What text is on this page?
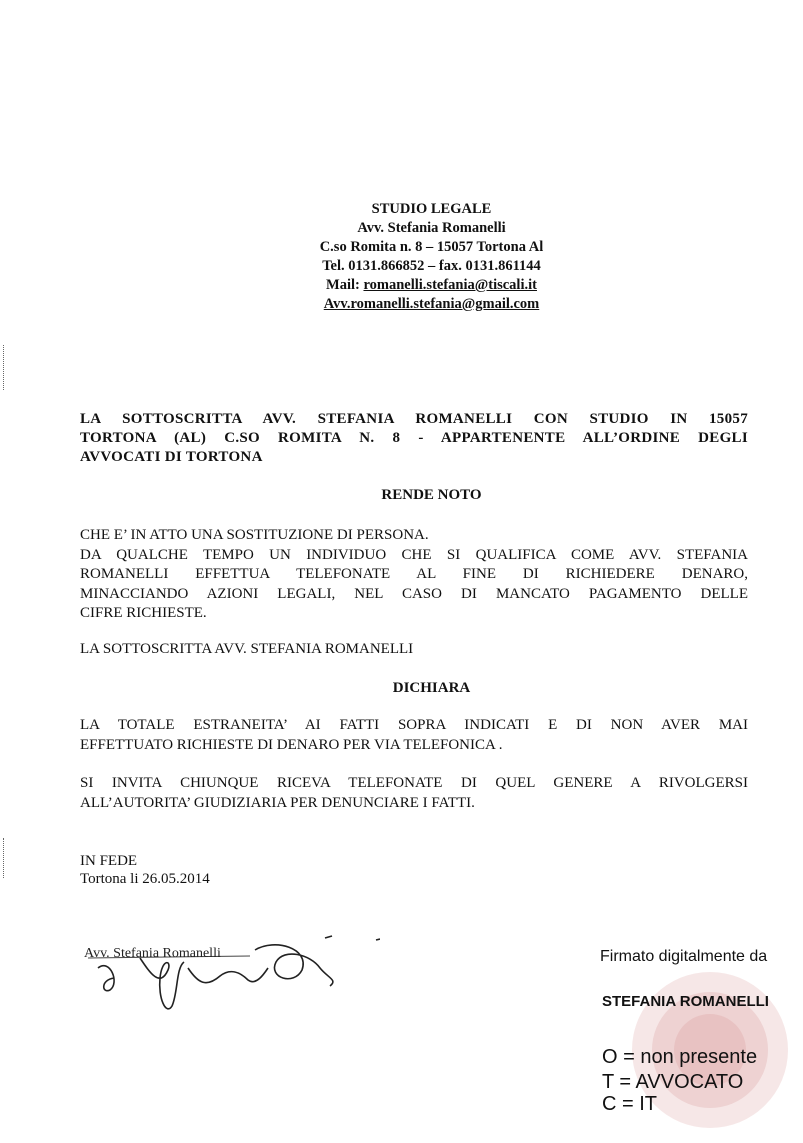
STUDIO LEGALE
Avv. Stefania Romanelli
C.so Romita n. 8 – 15057 Tortona Al
Tel. 0131.866852 – fax. 0131.861144
Mail: romanelli.stefania@tiscali.it
Avv.romanelli.stefania@gmail.com
LA SOTTOSCRITTA AVV. STEFANIA ROMANELLI CON STUDIO IN 15057
TORTONA (AL) C.SO ROMITA N. 8 - APPARTENENTE ALL’ORDINE DEGLI
AVVOCATI DI TORTONA
RENDE NOTO
CHE E’ IN ATTO UNA SOSTITUZIONE DI PERSONA.
DA QUALCHE TEMPO UN INDIVIDUO CHE SI QUALIFICA COME AVV. STEFANIA
ROMANELLI EFFETTUA TELEFONATE AL FINE DI RICHIEDERE DENARO,
MINACCIANDO AZIONI LEGALI, NEL CASO DI MANCATO PAGAMENTO DELLE
CIFRE RICHIESTE.
LA SOTTOSCRITTA AVV. STEFANIA ROMANELLI
DICHIARA
LA TOTALE ESTRANEITA’ AI FATTI SOPRA INDICATI E DI NON AVER MAI
EFFETTUATO RICHIESTE DI DENARO PER VIA TELEFONICA .
SI INVITA CHIUNQUE RICEVA TELEFONATE DI QUEL GENERE A RIVOLGERSI
ALL’AUTORITA’ GIUDIZIARIA PER DENUNCIARE I FATTI.
IN FEDE
Tortona li 26.05.2014
Avv. Stefania Romanelli	Firmato digitalmente da
STEFANIA ROMANELLI
O = non presente
T = AVVOCATO
C = IT
